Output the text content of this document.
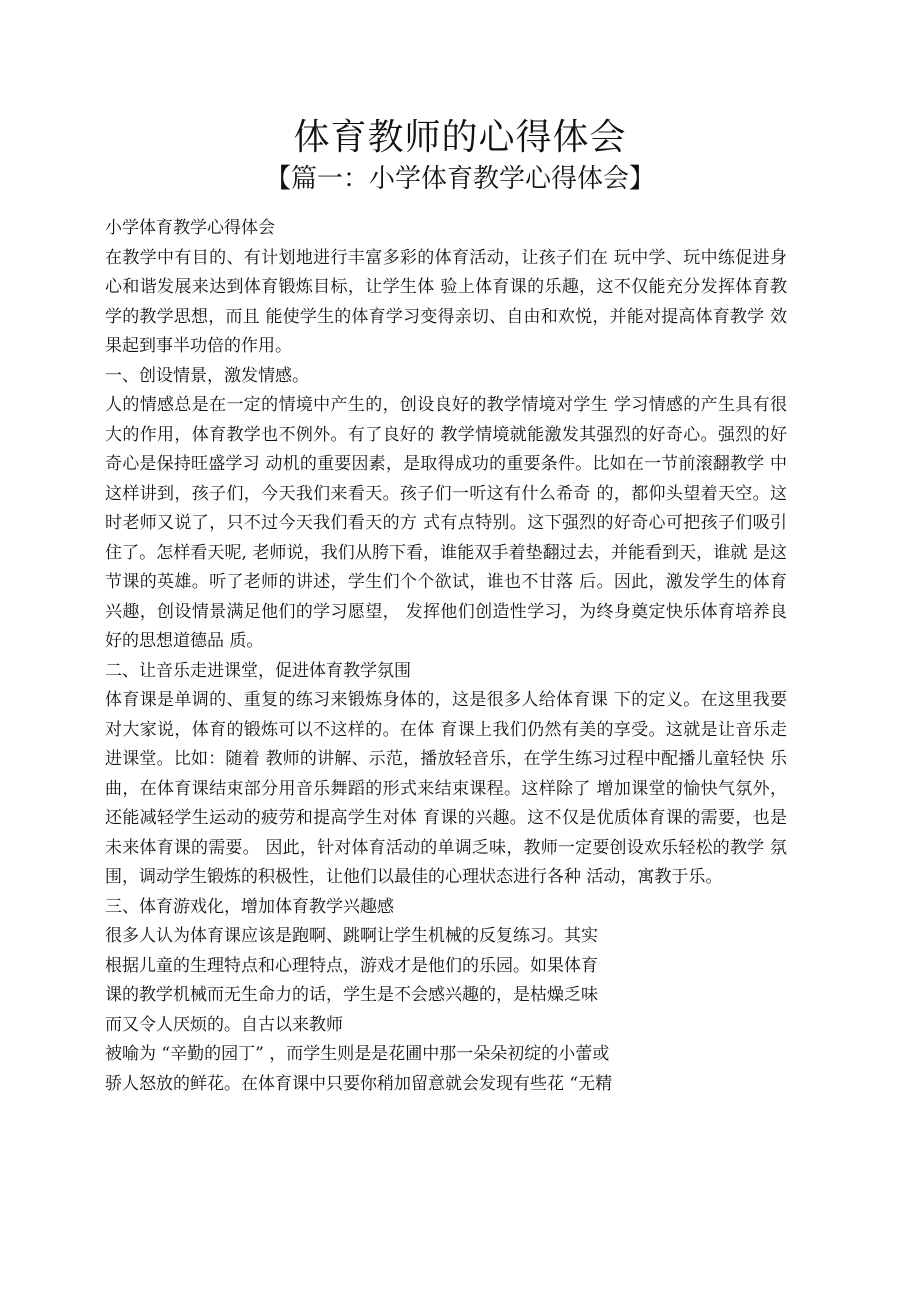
体育教师的心得体会
【篇一：小学体育教学心得体会】

小学体育教学心得体会

在教学中有目的、有计划地进行丰富多彩的体育活动，让孩子们在 玩中学、玩中练促进身心和谐发展来达到体育锻炼目标，让学生体 验上体育课的乐趣，这不仅能充分发挥体育教学的教学思想，而且 能使学生的体育学习变得亲切、自由和欢悦，并能对提高体育教学 效果起到事半功倍的作用。

一、创设情景，激发情感。

人的情感总是在一定的情境中产生的，创设良好的教学情境对学生 学习情感的产生具有很大的作用，体育教学也不例外。有了良好的 教学情境就能激发其强烈的好奇心。强烈的好奇心是保持旺盛学习 动机的重要因素，是取得成功的重要条件。比如在一节前滚翻教学 中这样讲到，孩子们，今天我们来看天。孩子们一听这有什么希奇 的，都仰头望着天空。这时老师又说了，只不过今天我们看天的方 式有点特别。这下强烈的好奇心可把孩子们吸引住了。怎样看天呢, 老师说，我们从胯下看，谁能双手着垫翻过去，并能看到天，谁就 是这节课的英雄。听了老师的讲述，学生们个个欲试，谁也不甘落 后。因此，激发学生的体育兴趣，创设情景满足他们的学习愿望， 发挥他们创造性学习，为终身奠定快乐体育培养良好的思想道德品 质。

二、让音乐走进课堂，促进体育教学氛围

体育课是单调的、重复的练习来锻炼身体的，这是很多人给体育课 下的定义。在这里我要对大家说，体育的锻炼可以不这样的。在体 育课上我们仍然有美的享受。这就是让音乐走进课堂。比如：随着 教师的讲解、示范，播放轻音乐，在学生练习过程中配播儿童轻快 乐曲，在体育课结束部分用音乐舞蹈的形式来结束课程。这样除了 增加课堂的愉快气氛外，还能减轻学生运动的疲劳和提高学生对体 育课的兴趣。这不仅是优质体育课的需要，也是未来体育课的需要。 因此，针对体育活动的单调乏味，教师一定要创设欢乐轻松的教学 氛围，调动学生锻炼的积极性，让他们以最佳的心理状态进行各种 活动，寓教于乐。

三、体育游戏化，增加体育教学兴趣感

很多人认为体育课应该是跑啊、跳啊让学生机械的反复练习。其实
根据儿童的生理特点和心理特点，游戏才是他们的乐园。如果体育
课的教学机械而无生命力的话，学生是不会感兴趣的，是枯燥乏味
而又令人厌烦的。自古以来教师
被喻为 “辛勤的园丁” ，而学生则是是花圃中那一朵朵初绽的小蕾或
骄人怒放的鲜花。在体育课中只要你稍加留意就会发现有些花 “无精
